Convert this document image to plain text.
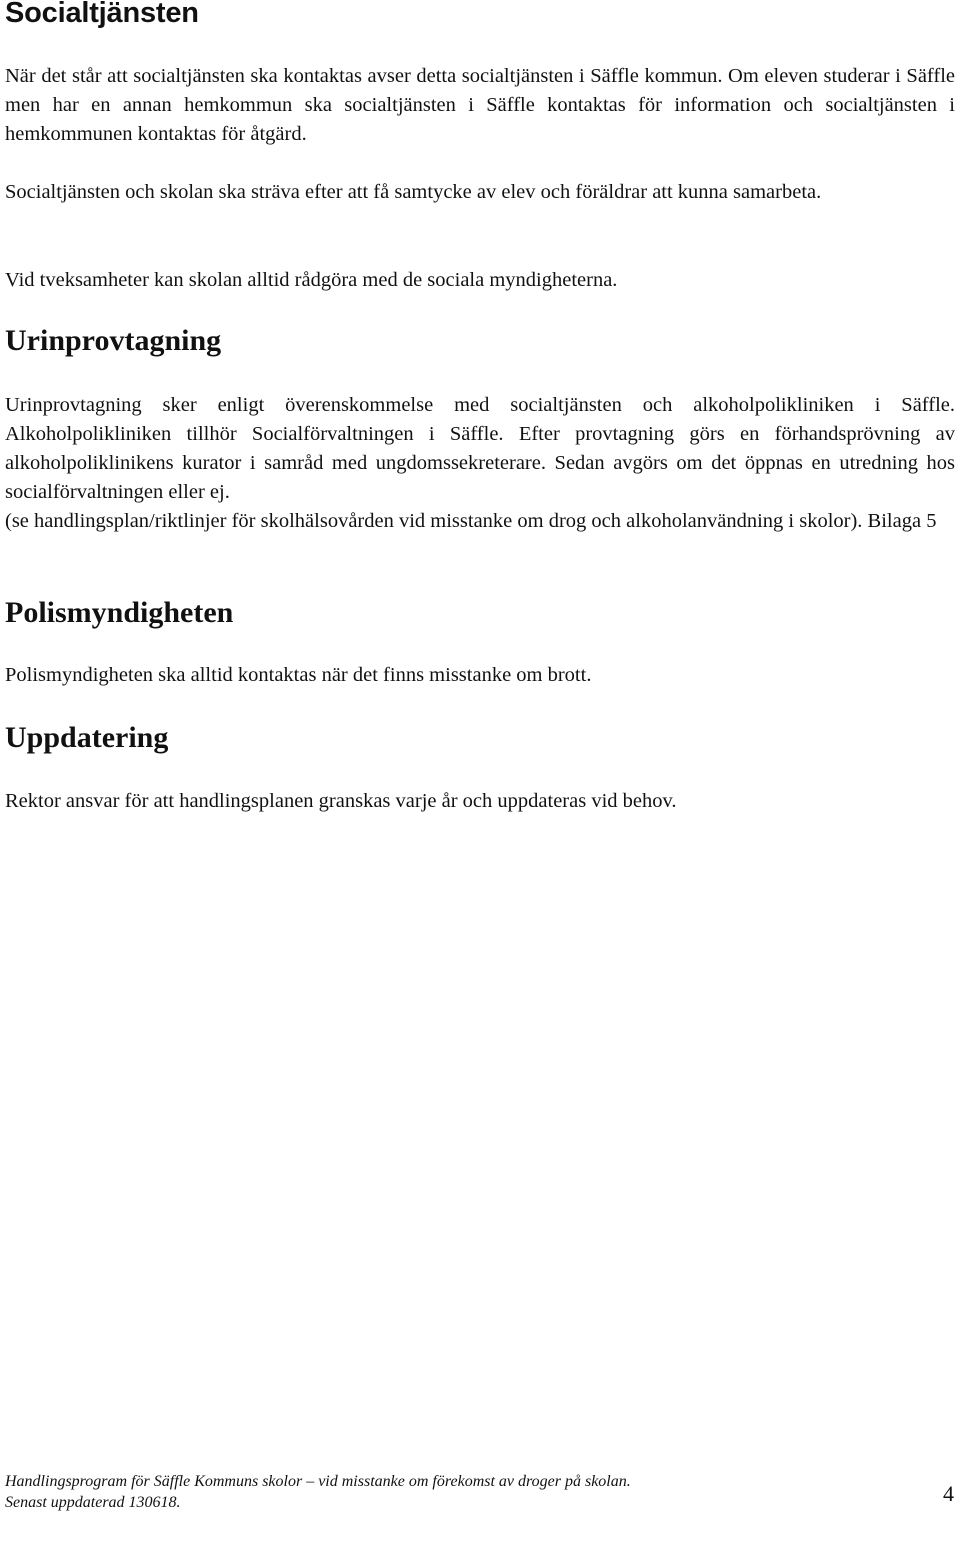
Socialtjänsten

När det står att socialtjänsten ska kontaktas avser detta socialtjänsten i Säffle kommun. Om eleven studerar i Säffle men har en annan hemkommun ska socialtjänsten i Säffle kontaktas för information och socialtjänsten i hemkommunen kontaktas för åtgärd.

Socialtjänsten och skolan ska sträva efter att få samtycke av elev och föräldrar att kunna samarbeta.

Vid tveksamheter kan skolan alltid rådgöra med de sociala myndigheterna.

Urinprovtagning

Urinprovtagning sker enligt överenskommelse med socialtjänsten och alkoholpolikliniken i Säffle. Alkoholpolikliniken tillhör Socialförvaltningen i Säffle. Efter provtagning görs en förhandsprövning av alkoholpoliklinikens kurator i samråd med ungdomssekreterare. Sedan avgörs om det öppnas en utredning hos socialförvaltningen eller ej.

(se handlingsplan/riktlinjer för skolhälsovården vid misstanke om drog och alkoholanvändning i skolor). Bilaga 5

Polismyndigheten

Polismyndigheten ska alltid kontaktas när det finns misstanke om brott.

Uppdatering

Rektor ansvar för att handlingsplanen granskas varje år och uppdateras vid behov.

Handlingsprogram för Säffle Kommuns skolor – vid misstanke om förekomst av droger på skolan.
Senast uppdaterad 130618.	4
